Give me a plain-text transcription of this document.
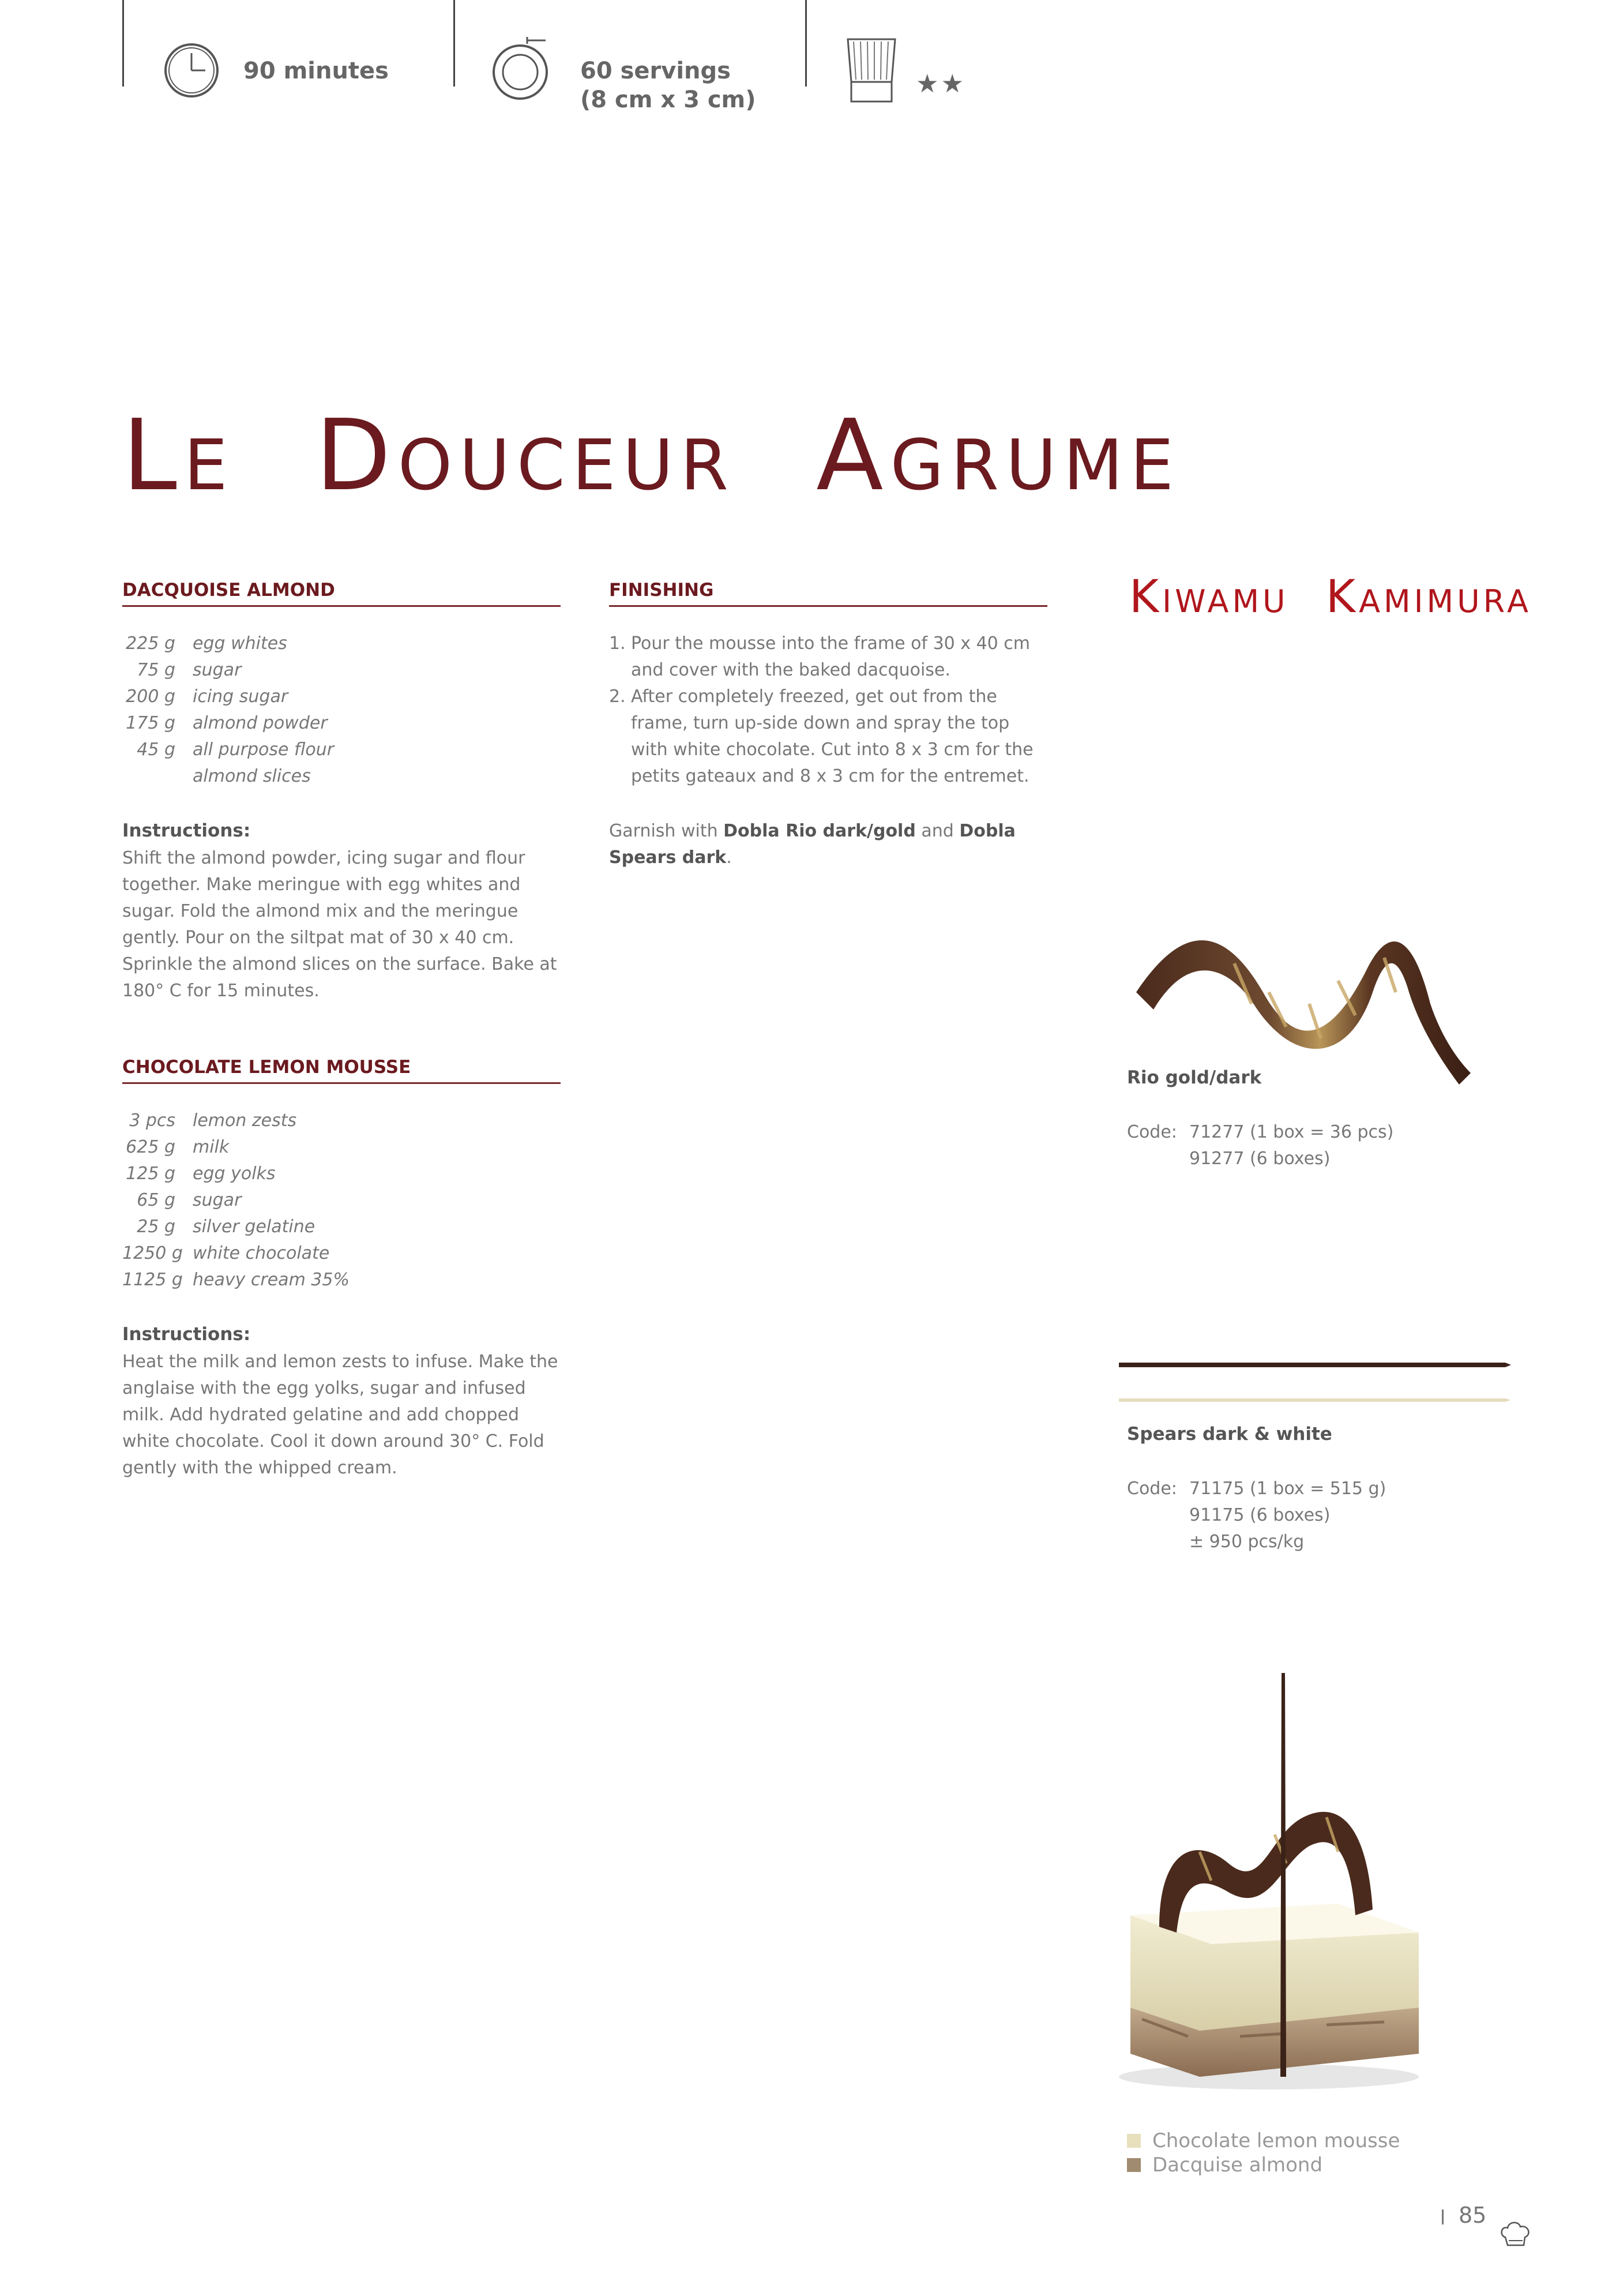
90 minutes	60 servings
(8 cm x 3 cm)
★★
LE DOUCEUR AGRUME
DACQUOISE ALMOND
225 g	egg whites
75 g	sugar
200 g	icing sugar
175 g	almond powder
45 g	all purpose flour
almond slices
Instructions:
Shift the almond powder, icing sugar and flour together. Make meringue with egg whites and sugar. Fold the almond mix and the meringue gently. Pour on the siltpat mat of 30 x 40 cm. Sprinkle the almond slices on the surface. Bake at 180° C for 15 minutes.
CHOCOLATE LEMON MOUSSE
3 pcs	lemon zests
625 g	milk
125 g	egg yolks
65 g	sugar
25 g	silver gelatine
1250 g white chocolate
1125 g heavy cream 35%
Instructions:
Heat the milk and lemon zests to infuse. Make the anglaise with the egg yolks, sugar and infused milk. Add hydrated gelatine and add chopped white chocolate. Cool it down around 30° C. Fold gently with the whipped cream.
FINISHING
1. Pour the mousse into the frame of 30 x 40 cm and cover with the baked dacquoise.
2. After completely freezed, get out from the frame, turn up-side down and spray the top with white chocolate. Cut into 8 x 3 cm for the petits gateaux and 8 x 3 cm for the entremet.
Garnish with Dobla Rio dark/gold and Dobla Spears dark.
KIWAMU KAMIMURA
Rio gold/dark
Code: 71277 (1 box = 36 pcs)
91277 (6 boxes)
Spears dark & white
Code: 71175 (1 box = 515 g)
91175 (6 boxes)
± 950 pcs/kg
Chocolate lemon mousse
Dacquise almond
85
